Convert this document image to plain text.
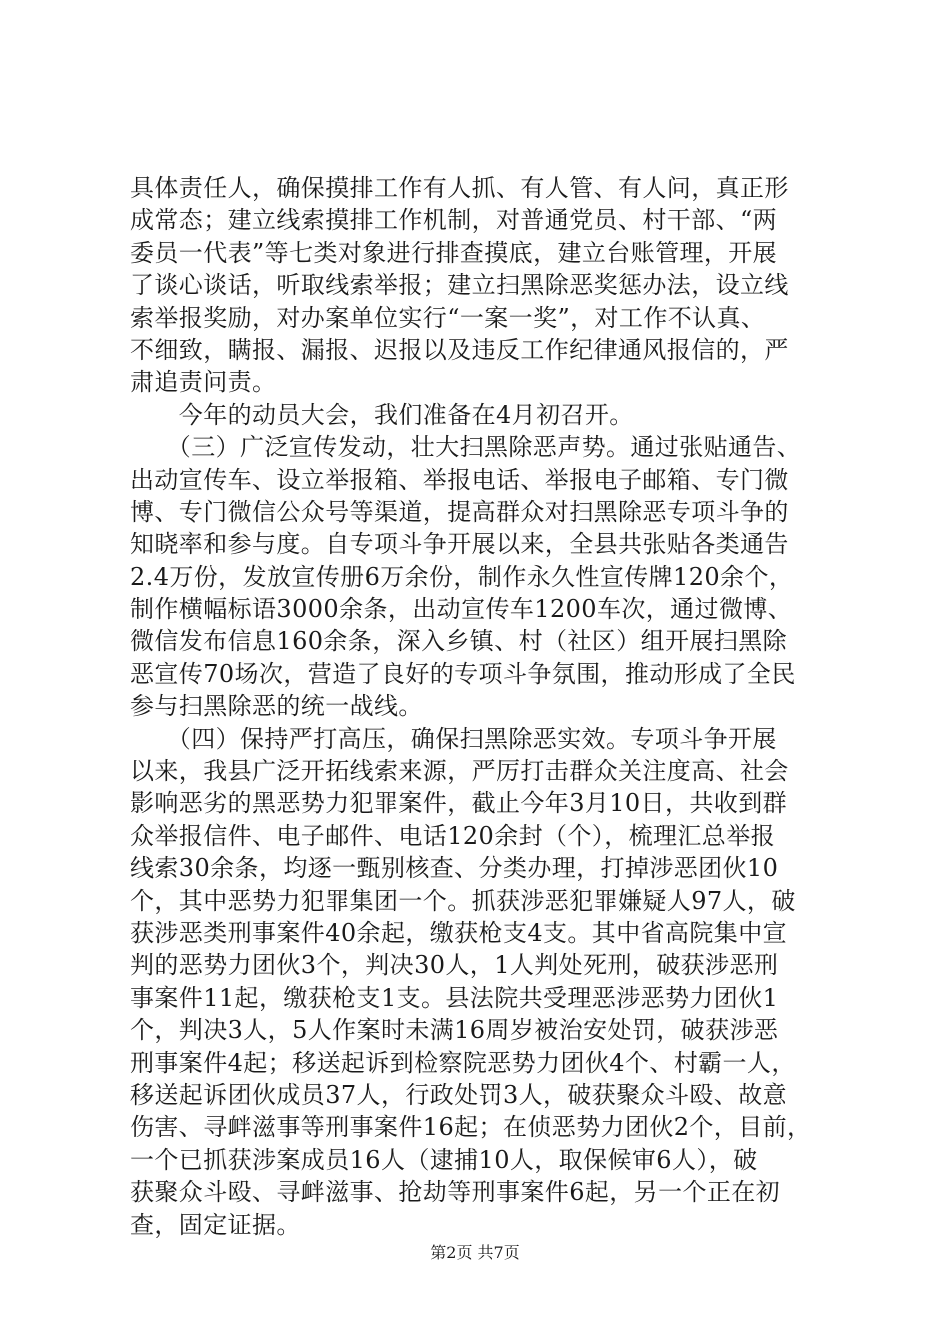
具体责任人，确保摸排工作有人抓、有人管、有人问，真正形
成常态；建立线索摸排工作机制，对普通党员、村干部、“两
委员一代表”等七类对象进行排查摸底，建立台账管理，开展
了谈心谈话，听取线索举报；建立扫黑除恶奖惩办法，设立线
索举报奖励，对办案单位实行“一案一奖”，对工作不认真、
不细致，瞒报、漏报、迟报以及违反工作纪律通风报信的，严
肃追责问责。
　　今年的动员大会，我们准备在4月初召开。
　　（三）广泛宣传发动，壮大扫黑除恶声势。通过张贴通告、
出动宣传车、设立举报箱、举报电话、举报电子邮箱、专门微
博、专门微信公众号等渠道，提高群众对扫黑除恶专项斗争的
知晓率和参与度。自专项斗争开展以来，全县共张贴各类通告
2.4万份，发放宣传册6万余份，制作永久性宣传牌120余个，
制作横幅标语3000余条，出动宣传车1200车次，通过微博、
微信发布信息160余条，深入乡镇、村（社区）组开展扫黑除
恶宣传70场次，营造了良好的专项斗争氛围，推动形成了全民
参与扫黑除恶的统一战线。
　　（四）保持严打高压，确保扫黑除恶实效。专项斗争开展
以来，我县广泛开拓线索来源，严厉打击群众关注度高、社会
影响恶劣的黑恶势力犯罪案件，截止今年3月10日，共收到群
众举报信件、电子邮件、电话120余封（个），梳理汇总举报
线索30余条，均逐一甄别核查、分类办理，打掉涉恶团伙10
个，其中恶势力犯罪集团一个。抓获涉恶犯罪嫌疑人97人，破
获涉恶类刑事案件40余起，缴获枪支4支。其中省高院集中宣
判的恶势力团伙3个，判决30人，1人判处死刑，破获涉恶刑
事案件11起，缴获枪支1支。县法院共受理恶涉恶势力团伙1
个，判决3人，5人作案时未满16周岁被治安处罚，破获涉恶
刑事案件4起；移送起诉到检察院恶势力团伙4个、村霸一人，
移送起诉团伙成员37人，行政处罚3人，破获聚众斗殴、故意
伤害、寻衅滋事等刑事案件16起；在侦恶势力团伙2个，目前，
一个已抓获涉案成员16人（逮捕10人，取保候审6人），破
获聚众斗殴、寻衅滋事、抢劫等刑事案件6起，另一个正在初
查，固定证据。
第2页 共7页
